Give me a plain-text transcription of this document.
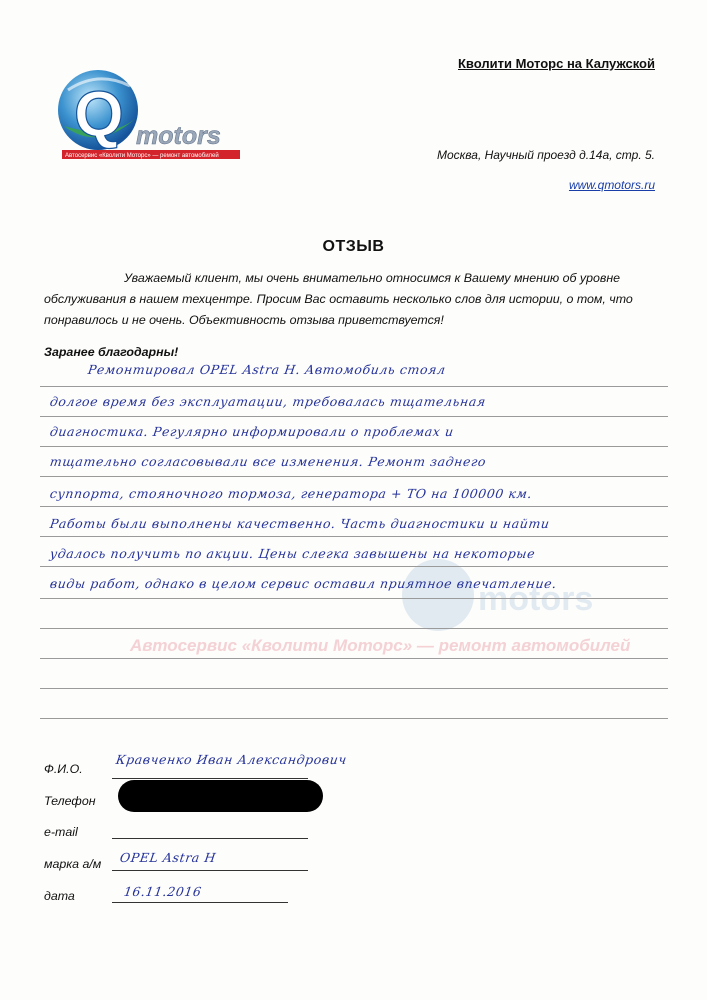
Q motors
Автосервис «Кволити Моторс» — ремонт автомобилей
Кволити Моторс на Калужской
Москва, Научный проезд д.14а, стр. 5.
www.qmotors.ru
ОТЗЫВ
Уважаемый клиент, мы очень внимательно относимся к Вашему мнению об уровне обслуживания в нашем техцентре. Просим Вас оставить несколько слов для истории, о том, что понравилось и не очень. Объективность отзыва приветствуется!
Заранее благодарны!
motors
Автосервис «Кволити Моторс» — ремонт автомобилей
Ремонтировал OPEL Astra H. Автомобиль стоял
долгое время без эксплуатации, требовалась тщательная
диагностика. Регулярно информировали о проблемах и
тщательно согласовывали все изменения. Ремонт заднего
суппорта, стояночного тормоза, генератора + ТО на 100000 км.
Работы были выполнены качественно. Часть диагностики и найти
удалось получить по акции. Цены слегка завышены на некоторые
виды работ, однако в целом сервис оставил приятное впечатление.
Ф.И.О.
Кравченко Иван Александрович
Телефон
e-mail
марка а/м OPEL Astra H
дата	16.11.2016
